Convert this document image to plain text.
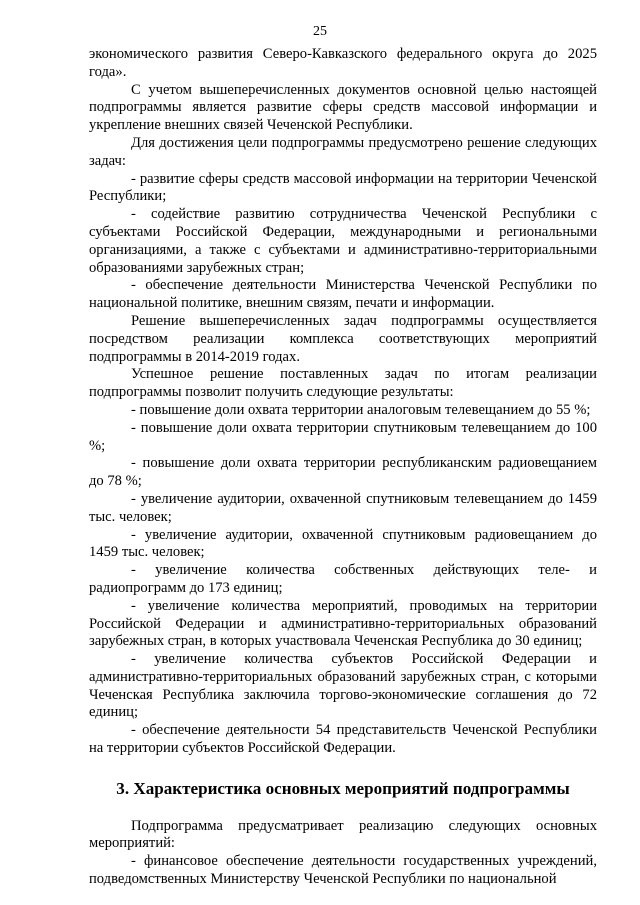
25

экономического развития Северо-Кавказского федерального округа до 2025 года».

С учетом вышеперечисленных документов основной целью настоящей подпрограммы является развитие сферы средств массовой информации и укрепление внешних связей Чеченской Республики.

Для достижения цели подпрограммы предусмотрено решение следующих задач:

- развитие сферы средств массовой информации на территории Чеченской Республики;

- содействие развитию сотрудничества Чеченской Республики с субъектами Российской Федерации, международными и региональными организациями, а также с субъектами и административно-территориальными образованиями зарубежных стран;

- обеспечение деятельности Министерства Чеченской Республики по национальной политике, внешним связям, печати и информации.

Решение вышеперечисленных задач подпрограммы осуществляется посредством реализации комплекса соответствующих мероприятий подпрограммы в 2014-2019 годах.

Успешное решение поставленных задач по итогам реализации подпрограммы позволит получить следующие результаты:

- повышение доли охвата территории аналоговым телевещанием до 55 %;

- повышение доли охвата территории спутниковым телевещанием до 100 %;

- повышение доли охвата территории республиканским радиовещанием до 78 %;

- увеличение аудитории, охваченной спутниковым телевещанием до 1459 тыс. человек;

- увеличение аудитории, охваченной спутниковым радиовещанием до 1459 тыс. человек;

- увеличение количества собственных действующих теле- и радиопрограмм до 173 единиц;

- увеличение количества мероприятий, проводимых на территории Российской Федерации и административно-территориальных образований зарубежных стран, в которых участвовала Чеченская Республика до 30 единиц;

- увеличение количества субъектов Российской Федерации и административно-территориальных образований зарубежных стран, с которыми Чеченская Республика заключила торгово-экономические соглашения до 72 единиц;

- обеспечение деятельности 54 представительств Чеченской Республики на территории субъектов Российской Федерации.

3. Характеристика основных мероприятий подпрограммы

Подпрограмма предусматривает реализацию следующих основных мероприятий:

- финансовое обеспечение деятельности государственных учреждений, подведомственных Министерству Чеченской Республики по национальной
